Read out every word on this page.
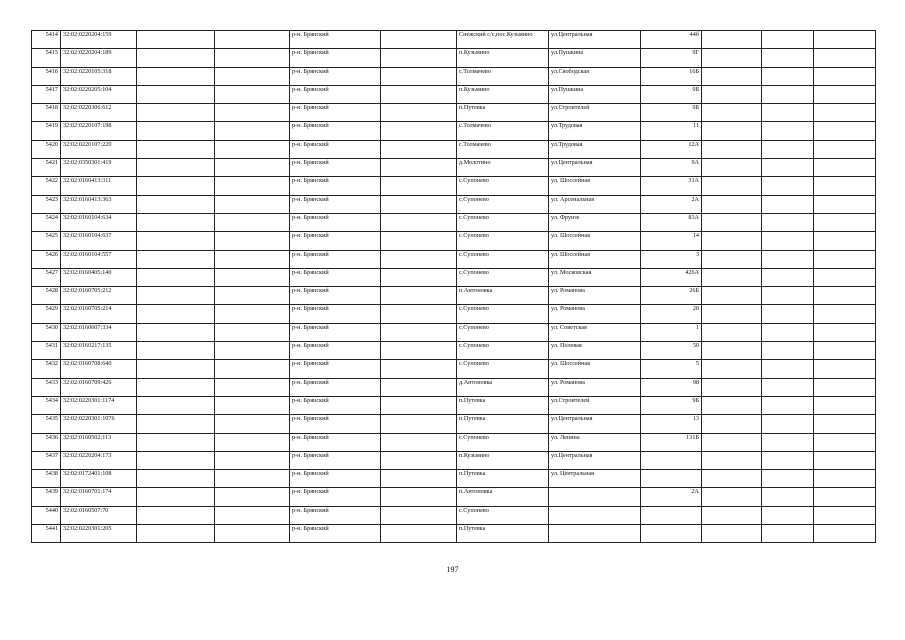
5414	32:02:0220204:159			р-н. Брянский		Снежский с/с,пос.Кузьмино	ул.Центральная	44б			
5415	32:02:0220204:189			р-н. Брянский		п.Кузьмино	ул.Пушкина	9Г			
5416	32:02:0220105:318			р-н. Брянский		с.Толмачево	ул.Свободская	16Б			
5417	32:02:0220205:104			р-н. Брянский		п.Кузьмино	ул.Пушкина	9Б			
5418	32:02:0220306:612			р-н. Брянский		п.Путевка	ул.Строителей	9Б			
5419	32:02:0220107:198			р-н. Брянский		с.Толмачево	ул.Трудовая	11			
5420	32:02:0220107:220			р-н. Брянский		с.Толмачево	ул.Трудовая	12А			
5421	32:02:0350301:419			р-н. Брянский		д.Молотино	ул.Центральная	9А			
5422	32:02:0160413:311			р-н. Брянский		с.Супонево	ул. Шоссейная	31А			
5423	32:02:0160413:363			р-н. Брянский		с.Супонево	ул. Арсенальная	2А			
5424	32:02:0160104:634			р-н. Брянский		с.Супонево	ул. Фрунзе	83А			
5425	32:02:0160104:637			р-н. Брянский		с.Супонево	ул. Шоссейная	14			
5426	32:02:0160104:557			р-н. Брянский		с.Супонево	ул. Шоссейная	3			
5427	32:02:0160405:140			р-н. Брянский		с.Супонево	ул. Московская	426А			
5428	32:02:0160705:212			р-н. Брянский		п.Антоновка	ул. Романова	26Б			
5429	32:02:0160705:214			р-н. Брянский		с.Супонево	ул. Романова	28			
5430	32:02:0160607:334			р-н. Брянский		с.Супонево	ул. Советская	1			
5431	32:02:0160217:135			р-н. Брянский		с.Супонево	ул. Полевая	50			
5432	32:02:0160708:640			р-н. Брянский		с.Супонево	ул. Шоссейная	5			
5433	32:02:0160709:426			р-н. Брянский		д.Антоновка	ул. Романова	98			
5434	32:02:0220301:1174			р-н. Брянский		п.Путевка	ул.Строителей	9Б			
5435	32:02:0220301:1076			р-н. Брянский		п.Путевка	ул.Центральная	13			
5436	32:02:0160502:113			р-н. Брянский		с.Супонево	ул. Ленина	131Б			
5437	32:02:0220204:173			р-н. Брянский		п.Кузьмино	ул.Центральная				
5438	32:02:0172401:108			р-н. Брянский		п.Путевка	ул. Центральная				
5439	32:02:0160701:174			р-н. Брянский		п.Антоновка		2А			
5440	32:02:0160507:70			р-н. Брянский		с.Супонево					
5441	32:02:0220301:205			р-н. Брянский		п.Путевка					
197
